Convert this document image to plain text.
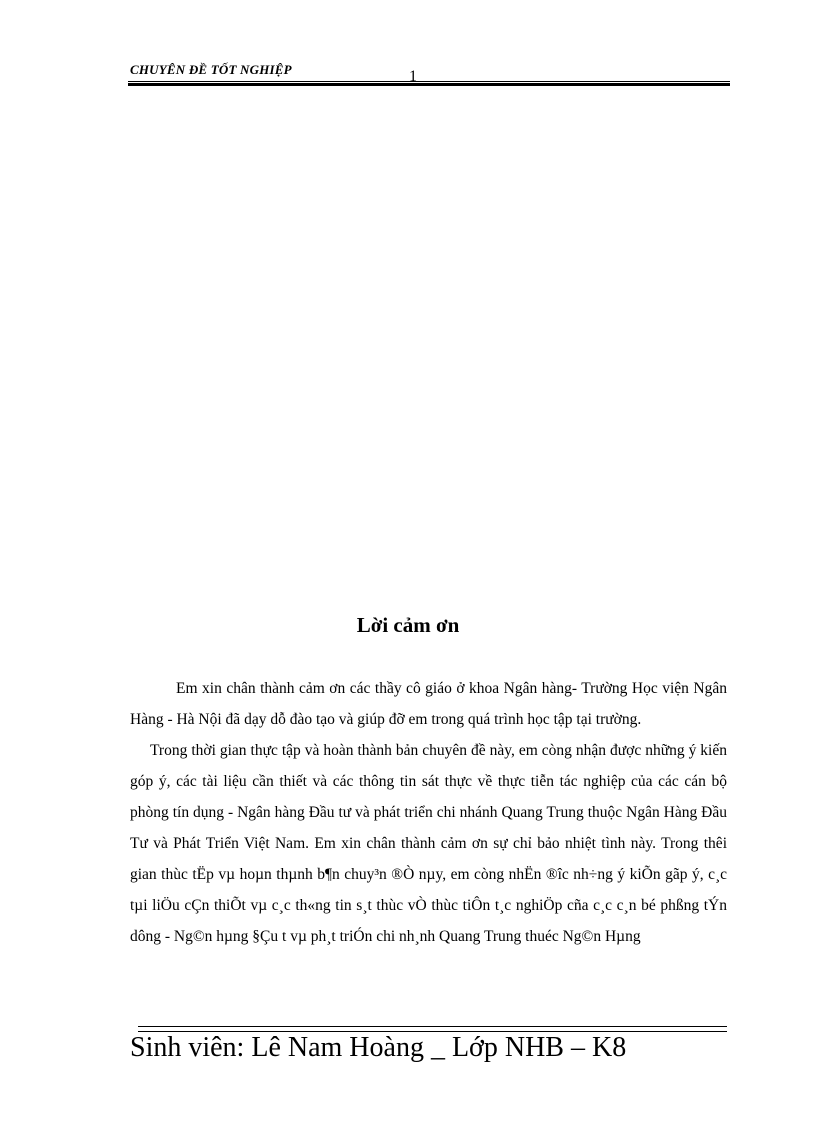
CHUYÊN ĐỀ TỐT NGHIỆP	1
Lời cảm ơn

Em xin chân thành cảm ơn các thầy cô giáo ở khoa Ngân hàng- Trường Học viện Ngân Hàng - Hà Nội đã dạy dỗ đào tạo và giúp đỡ em trong quá trình học tập tại trường.

Trong thời gian thực tập và hoàn thành bản chuyên đề này, em còng nhận được những ý kiến góp ý, các tài liệu cần thiết và các thông tin sát thực về thực tiễn tác nghiệp của các cán bộ phòng tín dụng - Ngân hàng Đầu tư và phát triển chi nhánh Quang Trung thuộc Ngân Hàng Đầu Tư và Phát Triển Việt Nam. Em xin chân thành cảm ơn sự chỉ bảo nhiệt tình này. Trong thêi gian thùc tËp vµ hoµn thµnh b¶n chuy³n ®Ò nµy, em còng nhËn ®îc nh÷ng ý kiÕn gãp ý, c¸c tµi liÖu cÇn thiÕt vµ c¸c th«ng tin s¸t thùc vÒ thùc tiÔn t¸c nghiÖp cña c¸c c¸n bé phßng tÝn dông - Ng©n hµng §Çu t vµ ph¸t triÓn chi nh¸nh Quang Trung thuéc Ng©n Hµng

Sinh viên: Lê Nam Hoàng _ Lớp NHB – K8
